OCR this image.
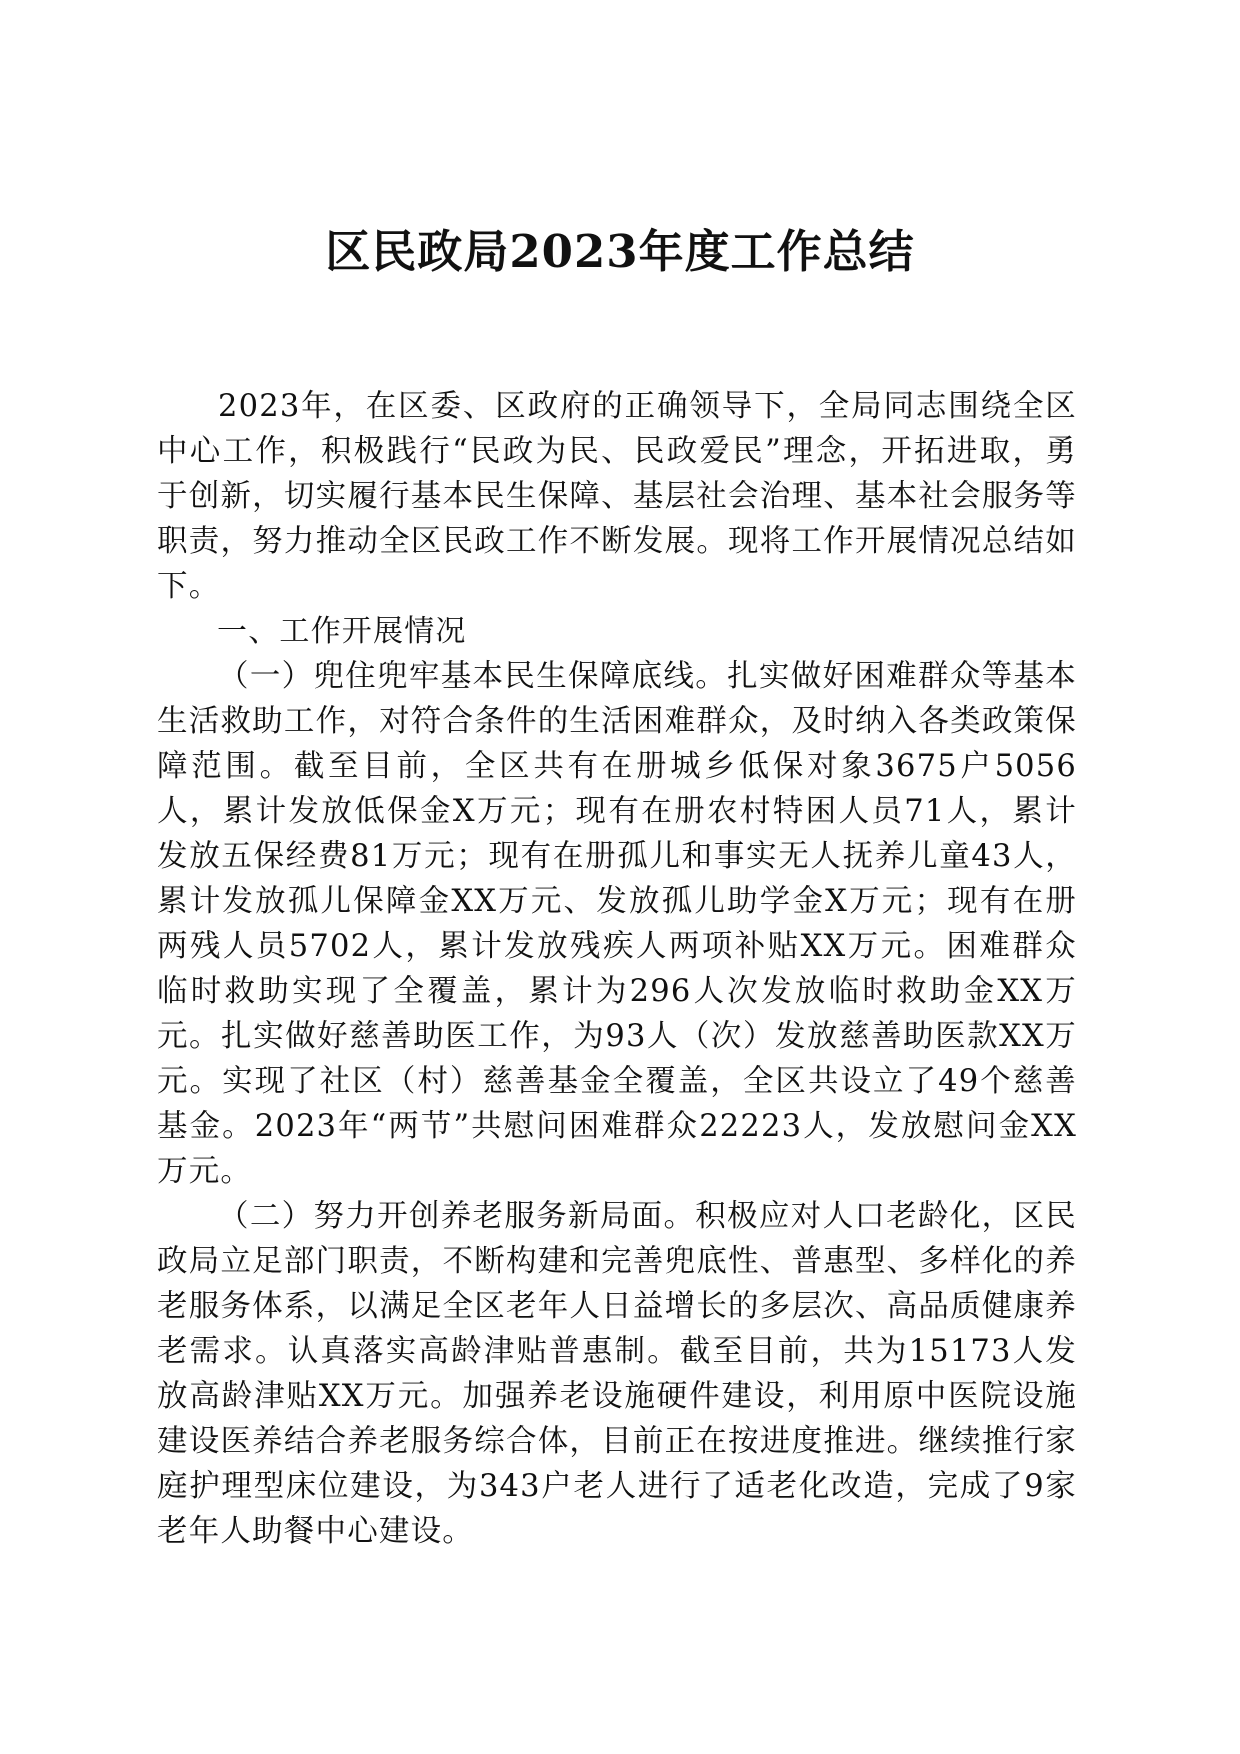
区民政局2023年度工作总结

2023年，在区委、区政府的正确领导下，全局同志围绕全区中心工作，积极践行“民政为民、民政爱民”理念，开拓进取，勇于创新，切实履行基本民生保障、基层社会治理、基本社会服务等职责，努力推动全区民政工作不断发展。现将工作开展情况总结如下。

一、工作开展情况

（一）兜住兜牢基本民生保障底线。扎实做好困难群众等基本生活救助工作，对符合条件的生活困难群众，及时纳入各类政策保障范围。截至目前，全区共有在册城乡低保对象3675户5056人，累计发放低保金X万元；现有在册农村特困人员71人，累计发放五保经费81万元；现有在册孤儿和事实无人抚养儿童43人，累计发放孤儿保障金XX万元、发放孤儿助学金X万元；现有在册两残人员5702人，累计发放残疾人两项补贴XX万元。困难群众临时救助实现了全覆盖，累计为296人次发放临时救助金XX万元。扎实做好慈善助医工作，为93人（次）发放慈善助医款XX万元。实现了社区（村）慈善基金全覆盖，全区共设立了49个慈善基金。2023年“两节”共慰问困难群众22223人，发放慰问金XX万元。

（二）努力开创养老服务新局面。积极应对人口老龄化，区民政局立足部门职责，不断构建和完善兜底性、普惠型、多样化的养老服务体系，以满足全区老年人日益增长的多层次、高品质健康养老需求。认真落实高龄津贴普惠制。截至目前，共为15173人发放高龄津贴XX万元。加强养老设施硬件建设，利用原中医院设施建设医养结合养老服务综合体，目前正在按进度推进。继续推行家庭护理型床位建设，为343户老人进行了适老化改造，完成了9家老年人助餐中心建设。
